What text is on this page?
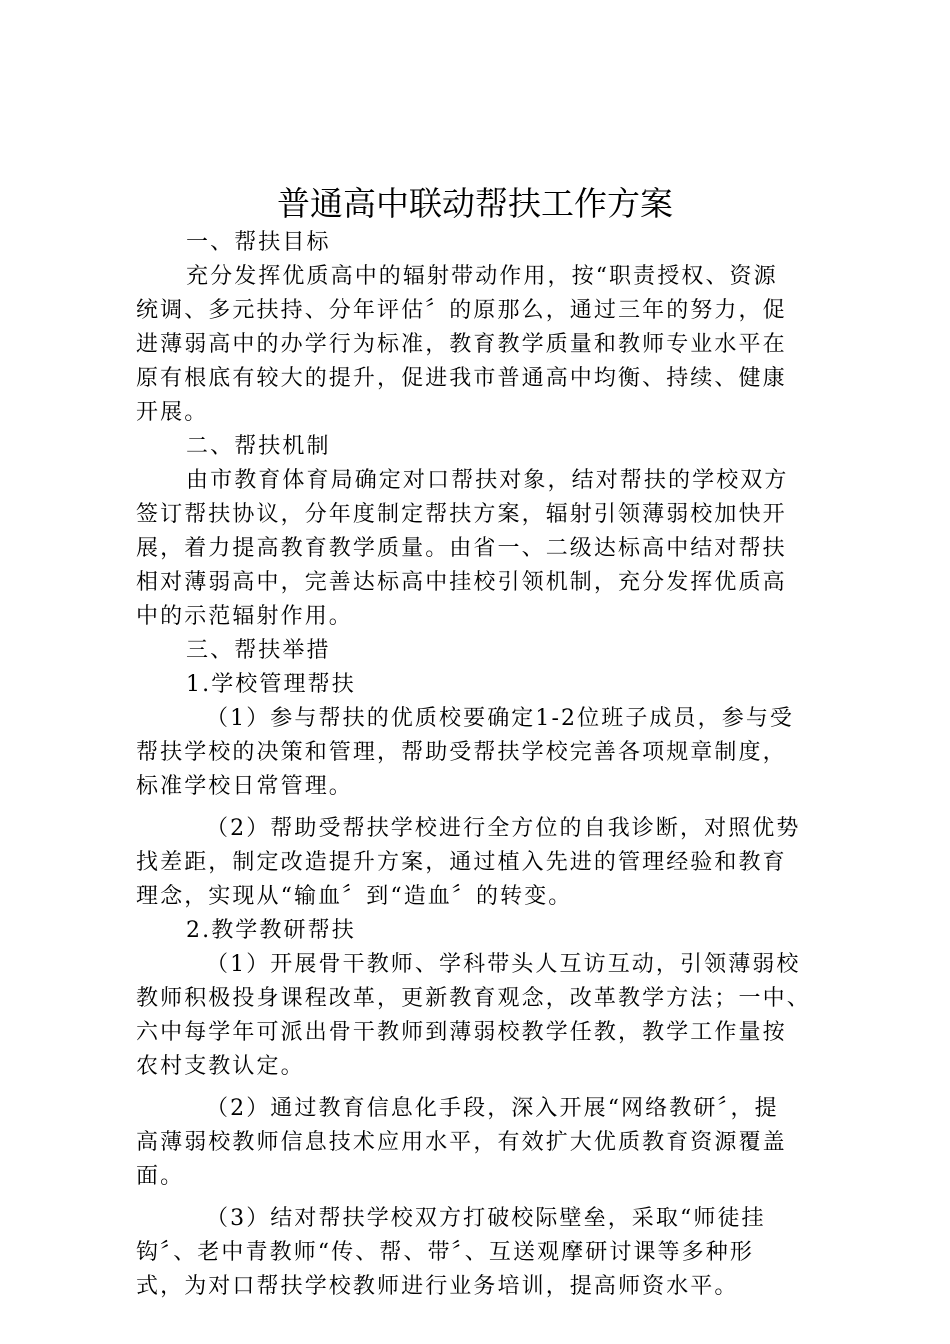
普通高中联动帮扶工作方案
一、帮扶目标
充分发挥优质高中的辐射带动作用，按“职责授权、资源
统调、多元扶持、分年评估〞的原那么，通过三年的努力，促
进薄弱高中的办学行为标准，教育教学质量和教师专业水平在
原有根底有较大的提升，促进我市普通高中均衡、持续、健康
开展。
二、帮扶机制
由市教育体育局确定对口帮扶对象，结对帮扶的学校双方
签订帮扶协议，分年度制定帮扶方案，辐射引领薄弱校加快开
展，着力提高教育教学质量。由省一、二级达标高中结对帮扶
相对薄弱高中，完善达标高中挂校引领机制，充分发挥优质高
中的示范辐射作用。
三、帮扶举措
1.学校管理帮扶
（1）参与帮扶的优质校要确定1-2位班子成员，参与受
帮扶学校的决策和管理，帮助受帮扶学校完善各项规章制度，
标准学校日常管理。
（2）帮助受帮扶学校进行全方位的自我诊断，对照优势
找差距，制定改造提升方案，通过植入先进的管理经验和教育
理念，实现从“输血〞到“造血〞的转变。
2.教学教研帮扶
（1）开展骨干教师、学科带头人互访互动，引领薄弱校
教师积极投身课程改革，更新教育观念，改革教学方法；一中、
六中每学年可派出骨干教师到薄弱校教学任教，教学工作量按
农村支教认定。
（2）通过教育信息化手段，深入开展“网络教研〞，提
高薄弱校教师信息技术应用水平，有效扩大优质教育资源覆盖
面。
（3）结对帮扶学校双方打破校际壁垒，采取“师徒挂
钩〞、老中青教师“传、帮、带〞、互送观摩研讨课等多种形
式，为对口帮扶学校教师进行业务培训，提高师资水平。
